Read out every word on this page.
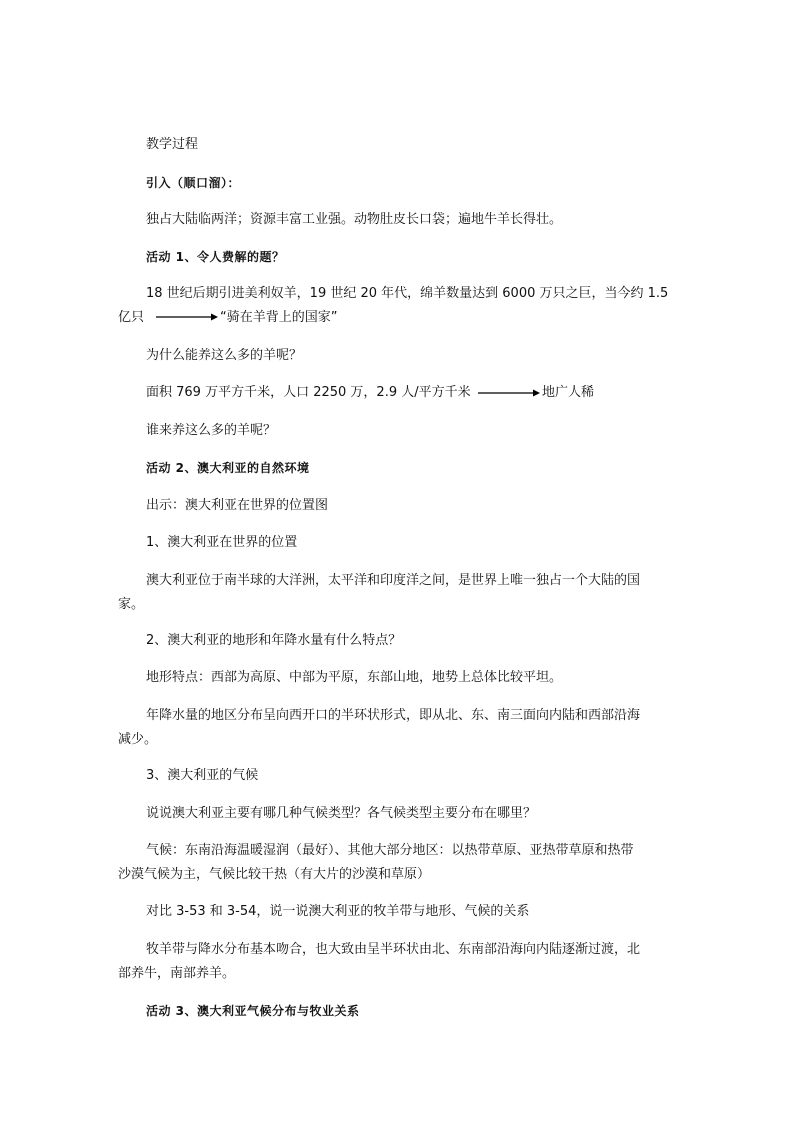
教学过程
引入（顺口溜）：
独占大陆临两洋；资源丰富工业强。动物肚皮长口袋；遍地牛羊长得壮。
活动 1、令人费解的题？
18 世纪后期引进美利奴羊，19 世纪 20 年代，绵羊数量达到 6000 万只之巨，当今约 1.5
亿只	“骑在羊背上的国家”
为什么能养这么多的羊呢？
面积 769 万平方千米，人口 2250 万，2.9 人/平方千米	地广人稀
谁来养这么多的羊呢？
活动 2、澳大利亚的自然环境
出示：澳大利亚在世界的位置图
1、澳大利亚在世界的位置
澳大利亚位于南半球的大洋洲，太平洋和印度洋之间，是世界上唯一独占一个大陆的国
家。
2、澳大利亚的地形和年降水量有什么特点？
地形特点：西部为高原、中部为平原，东部山地，地势上总体比较平坦。
年降水量的地区分布呈向西开口的半环状形式，即从北、东、南三面向内陆和西部沿海
减少。
3、澳大利亚的气候
说说澳大利亚主要有哪几种气候类型？各气候类型主要分布在哪里？
气候：东南沿海温暖湿润（最好）、其他大部分地区：以热带草原、亚热带草原和热带
沙漠气候为主，气候比较干热（有大片的沙漠和草原）
对比 3-53 和 3-54，说一说澳大利亚的牧羊带与地形、气候的关系
牧羊带与降水分布基本吻合，也大致由呈半环状由北、东南部沿海向内陆逐渐过渡，北
部养牛，南部养羊。
活动 3、澳大利亚气候分布与牧业关系
